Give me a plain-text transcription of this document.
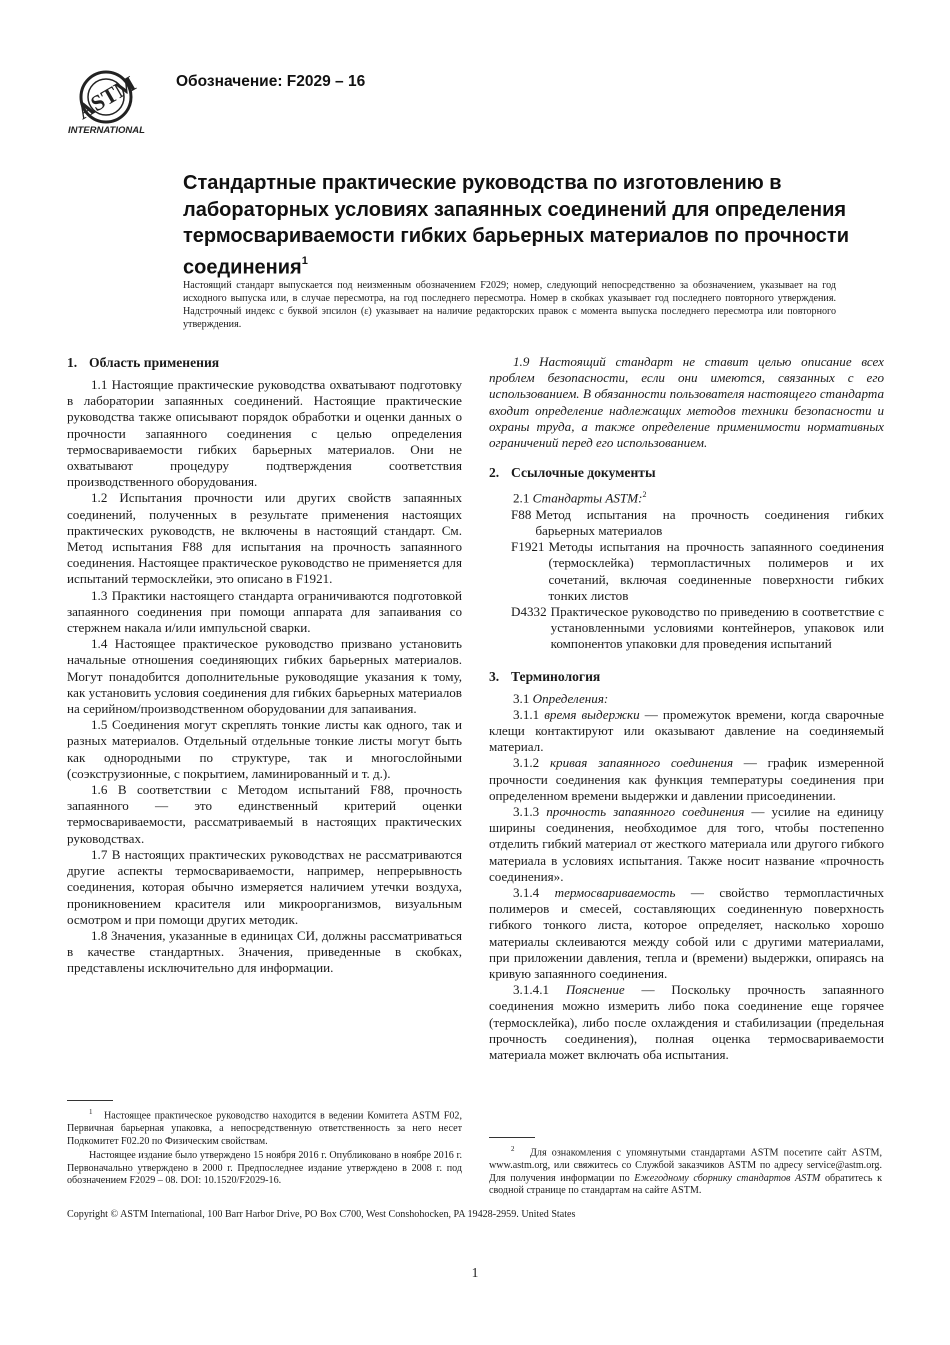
ASTM
INTERNATIONAL
Обозначение: F2029 – 16
Стандартные практические руководства по изготовлению в лабораторных условиях запаянных соединений для определения термосвариваемости гибких барьерных материалов по прочности соединения$^1$

Настоящий стандарт выпускается под неизменным обозначением F2029; номер, следующий непосредственно за обозначением, указывает на год исходного выпуска или, в случае пересмотра, на год последнего пересмотра. Номер в скобках указывает год последнего повторного утверждения. Надстрочный индекс с буквой эпсилон (ε) указывает на наличие редакторских правок с момента выпуска последнего пересмотра или повторного утверждения.

1. Область применения

1.1 Настоящие практические руководства охватывают подготовку в лаборатории запаянных соединений. Настоящие практические руководства также описывают порядок обработки и оценки данных о прочности запаянного соединения с целью определения термосвариваемости гибких барьерных материалов. Они не охватывают процедуру подтверждения соответствия производственного оборудования.

1.2 Испытания прочности или других свойств запаянных соединений, полученных в результате применения настоящих практических руководств, не включены в настоящий стандарт. См. Метод испытания F88 для испытания на прочность запаянного соединения. Настоящее практическое руководство не применяется для испытаний термосклейки, это описано в F1921.

1.3 Практики настоящего стандарта ограничиваются подготовкой запаянного соединения при помощи аппарата для запаивания со стержнем накала и/или импульсной сварки.

1.4 Настоящее практическое руководство призвано установить начальные отношения соединяющих гибких барьерных материалов. Могут понадобится дополнительные руководящие указания к тому, как установить условия соединения для гибких барьерных материалов на серийном/производственном оборудовании для запаивания.

1.5 Соединения могут скреплять тонкие листы как одного, так и разных материалов. Отдельный отдельные тонкие листы могут быть как однородными по структуре, так и многослойными (соэкструзионные, с покрытием, ламинированный и т. д.).

1.6 В соответствии с Методом испытаний F88, прочность запаянного — это единственный критерий оценки термосвариваемости, рассматриваемый в настоящих практических руководствах.

1.7 В настоящих практических руководствах не рассматриваются другие аспекты термосвариваемости, например, непрерывность соединения, которая обычно измеряется наличием утечки воздуха, проникновением красителя или микроорганизмов, визуальным осмотром и при помощи других методик.

1.8 Значения, указанные в единицах СИ, должны рассматриваться в качестве стандартных. Значения, приведенные в скобках, представлены исключительно для информации.

1.9 Настоящий стандарт не ставит целью описание всех проблем безопасности, если они имеются, связанных с его использованием. В обязанности пользователя настоящего стандарта входит определение надлежащих методов техники безопасности и охраны труда, а также определение применимости нормативных ограничений перед его использованием.

2. Ссылочные документы

2.1 Стандарты ASTM:$^2$

F88 Метод испытания на прочность соединения гибких барьерных материалов
F1921 Методы испытания на прочность запаянного соединения (термосклейка) термопластичных полимеров и их сочетаний, включая соединенные поверхности гибких тонких листов
D4332 Практическое руководство по приведению в соответствие с установленными условиями контейнеров, упаковок или компонентов упаковки для проведения испытаний
3. Терминология

3.1 Определения:

3.1.1 время выдержки — промежуток времени, когда сварочные клещи контактируют или оказывают давление на соединяемый материал.

3.1.2 кривая запаянного соединения — график измеренной прочности соединения как функция температуры соединения при определенном времени выдержки и давлении присоединении.

3.1.3 прочность запаянного соединения — усилие на единицу ширины соединения, необходимое для того, чтобы постепенно отделить гибкий материал от жесткого материала или другого гибкого материала в условиях испытания. Также носит название «прочность соединения».

3.1.4 термосвариваемость — свойство термопластичных полимеров и смесей, составляющих соединенную поверхность гибкого тонкого листа, которое определяет, насколько хорошо материалы склеиваются между собой или с другими материалами, при приложении давления, тепла и (времени) выдержки, опираясь на кривую запаянного соединения.

3.1.4.1 Пояснение — Поскольку прочность запаянного соединения можно измерить либо пока соединение еще горячее (термосклейка), либо после охлаждения и стабилизации (предельная прочность соединения), полная оценка термосвариваемости материала может включать оба испытания.

$^1$ Настоящее практическое руководство находится в ведении Комитета ASTM F02, Первичная барьерная упаковка, а непосредственную ответственность за него несет Подкомитет F02.20 по Физическим свойствам.

Настоящее издание было утверждено 15 ноября 2016 г. Опубликовано в ноябре 2016 г. Первоначально утверждено в 2000 г. Предпоследнее издание утверждено в 2008 г. под обозначением F2029 – 08. DOI: 10.1520/F2029-16.

$^2$ Для ознакомления с упомянутыми стандартами ASTM посетите сайт ASTM, www.astm.org, или свяжитесь со Службой заказчиков ASTM по адресу service@astm.org. Для получения информации по Ежегодному сборнику стандартов ASTM обратитесь к сводной странице по стандартам на сайте ASTM.

Copyright © ASTM International, 100 Barr Harbor Drive, PO Box C700, West Conshohocken, PA 19428-2959. United States

1
